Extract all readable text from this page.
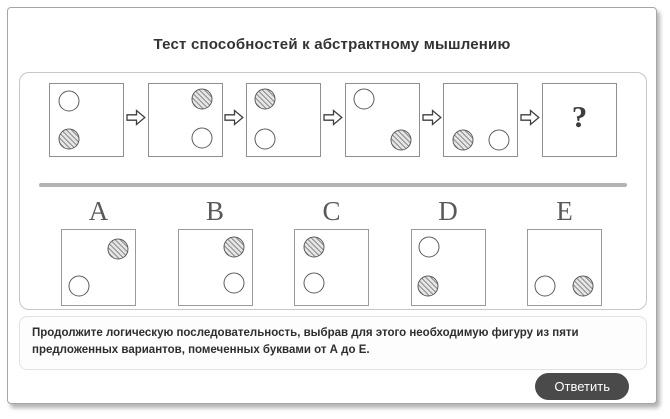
Тест способностей к абстрактному мышлению
?
A	B	C	D	E

Продолжите логическую последовательность, выбрав для этого необходимую фигуру из пяти предложенных вариантов, помеченных буквами от А до Е.

Ответить
